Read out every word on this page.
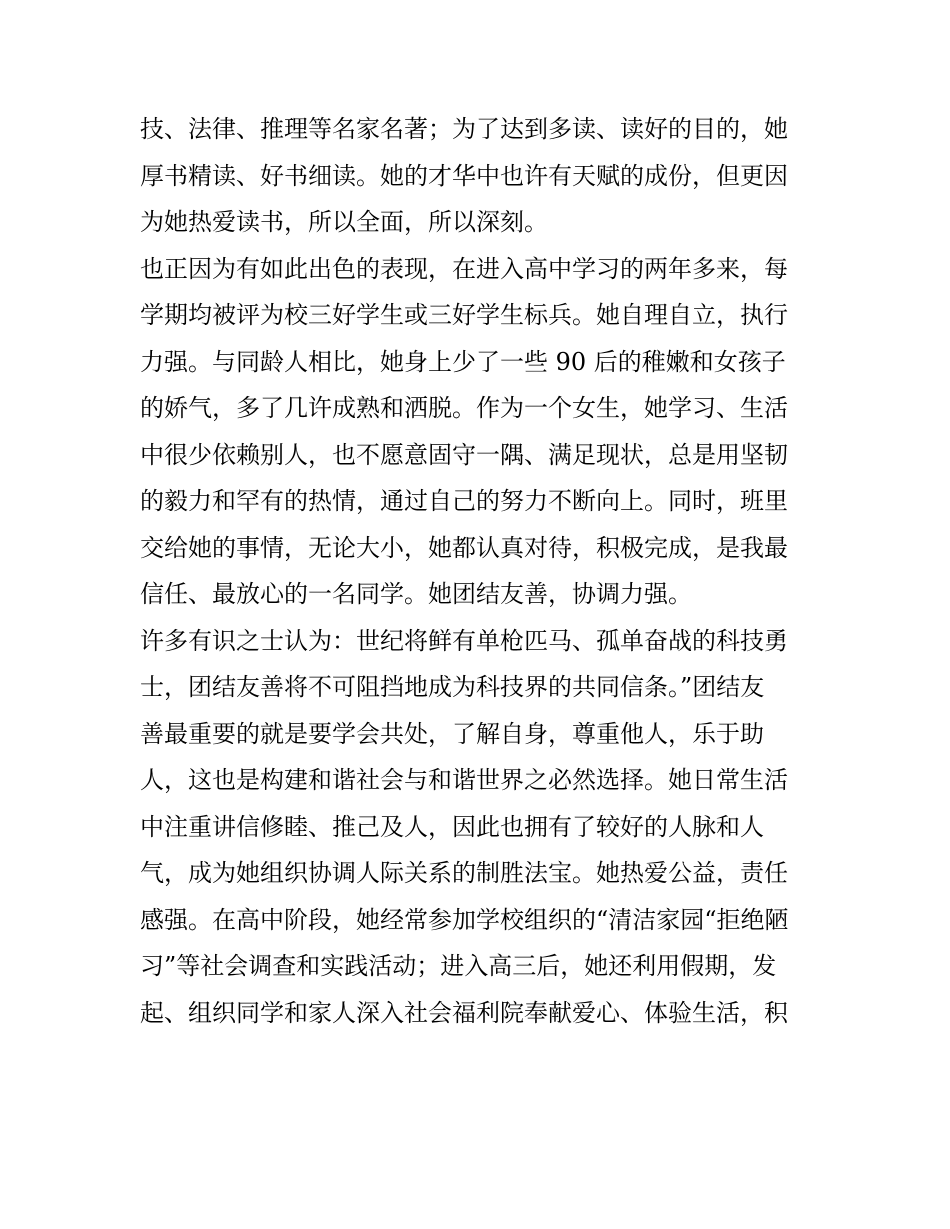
技、法律、推理等名家名著；为了达到多读、读好的目的，她
厚书精读、好书细读。她的才华中也许有天赋的成份，但更因
为她热爱读书，所以全面，所以深刻。
也正因为有如此出色的表现，在进入高中学习的两年多来，每
学期均被评为校三好学生或三好学生标兵。她自理自立，执行
力强。与同龄人相比，她身上少了一些 90 后的稚嫩和女孩子
的娇气，多了几许成熟和洒脱。作为一个女生，她学习、生活
中很少依赖别人，也不愿意固守一隅、满足现状，总是用坚韧
的毅力和罕有的热情，通过自己的努力不断向上。同时，班里
交给她的事情，无论大小，她都认真对待，积极完成，是我最
信任、最放心的一名同学。她团结友善，协调力强。
许多有识之士认为：世纪将鲜有单枪匹马、孤单奋战的科技勇
士，团结友善将不可阻挡地成为科技界的共同信条。”团结友
善最重要的就是要学会共处，了解自身，尊重他人，乐于助
人，这也是构建和谐社会与和谐世界之必然选择。她日常生活
中注重讲信修睦、推己及人，因此也拥有了较好的人脉和人
气，成为她组织协调人际关系的制胜法宝。她热爱公益，责任
感强。在高中阶段，她经常参加学校组织的“清洁家园“拒绝陋
习”等社会调查和实践活动；进入高三后，她还利用假期，发
起、组织同学和家人深入社会福利院奉献爱心、体验生活，积
